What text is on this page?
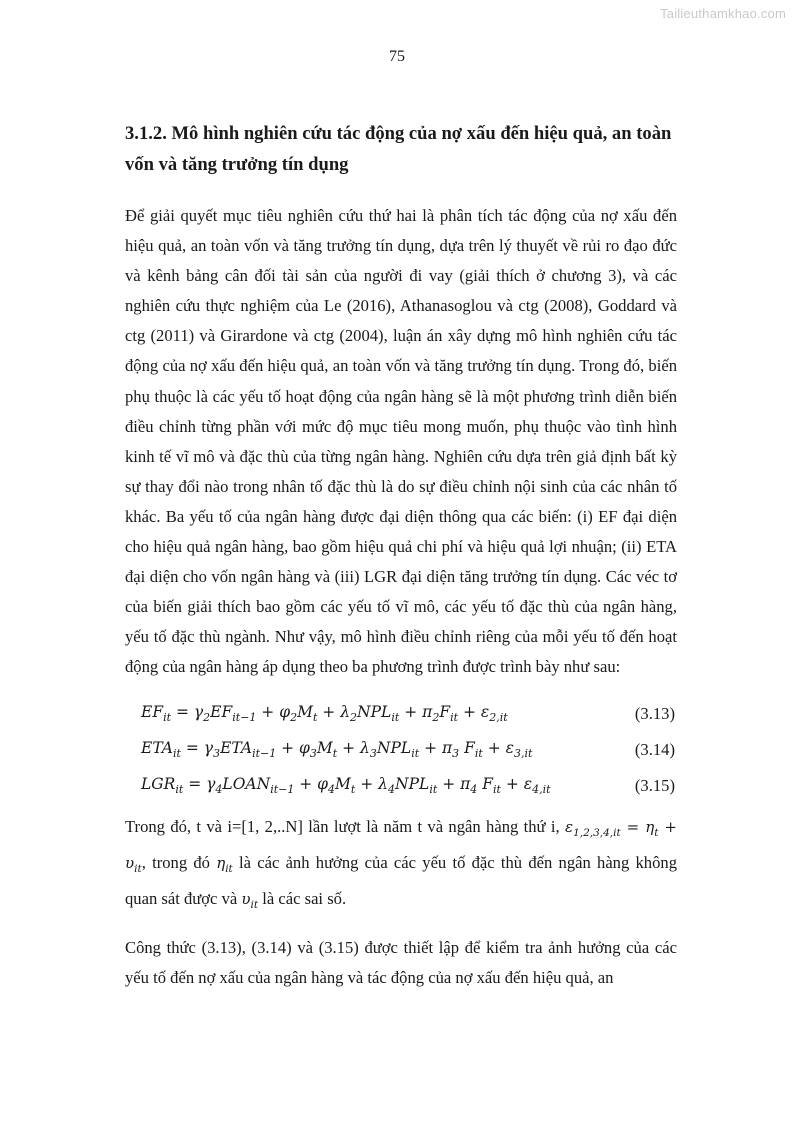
Tailieuthamkhao.com
75
3.1.2. Mô hình nghiên cứu tác động của nợ xấu đến hiệu quả, an toàn vốn và tăng trưởng tín dụng

Để giải quyết mục tiêu nghiên cứu thứ hai là phân tích tác động của nợ xấu đến hiệu quả, an toàn vốn và tăng trưởng tín dụng, dựa trên lý thuyết về rủi ro đạo đức và kênh bảng cân đối tài sản của người đi vay (giải thích ở chương 3), và các nghiên cứu thực nghiệm của Le (2016), Athanasoglou và ctg (2008), Goddard và ctg (2011) và Girardone và ctg (2004), luận án xây dựng mô hình nghiên cứu tác động của nợ xấu đến hiệu quả, an toàn vốn và tăng trưởng tín dụng. Trong đó, biến phụ thuộc là các yếu tố hoạt động của ngân hàng sẽ là một phương trình diễn biến điều chỉnh từng phần với mức độ mục tiêu mong muốn, phụ thuộc vào tình hình kinh tế vĩ mô và đặc thù của từng ngân hàng. Nghiên cứu dựa trên giả định bất kỳ sự thay đổi nào trong nhân tố đặc thù là do sự điều chỉnh nội sinh của các nhân tố khác. Ba yếu tố của ngân hàng được đại diện thông qua các biến: (i) EF đại diện cho hiệu quả ngân hàng, bao gồm hiệu quả chi phí và hiệu quả lợi nhuận; (ii) ETA đại diện cho vốn ngân hàng và (iii) LGR đại diện tăng trưởng tín dụng. Các véc tơ của biến giải thích bao gồm các yếu tố vĩ mô, các yếu tố đặc thù của ngân hàng, yếu tố đặc thù ngành. Như vậy, mô hình điều chỉnh riêng của mỗi yếu tố đến hoạt động của ngân hàng áp dụng theo ba phương trình được trình bày như sau:

$EF_{it} = \gamma_2EF_{it-1} + \varphi_2M_t + \lambda_2NPL_{it} + \pi_2F_{it} + \varepsilon_{2,it}$	(3.13)
$ETA_{it} = \gamma_3ETA_{it-1} + \varphi_3M_t + \lambda_3NPL_{it} + \pi_3$ $F_{it} + \varepsilon_{3,it}$	(3.14)
$LGR_{it}$ = $\gamma_4LOAN_{it-1} + \varphi_4M_t + \lambda_4NPL_{it} + \pi_4$ $F_{it} + \varepsilon_{4,it}$	(3.15)

Trong đó, t và i=[1, 2,..N] lần lượt là năm t và ngân hàng thứ i, $\varepsilon_{1,2,3,4,it} = \eta_t + \upsilon_{it}$, trong đó $\eta_{it}$ là các ảnh hưởng của các yếu tố đặc thù đến ngân hàng không quan sát được và $\upsilon_{it}$ là các sai số.

Công thức (3.13), (3.14) và (3.15) được thiết lập để kiểm tra ảnh hưởng của các yếu tố đến nợ xấu của ngân hàng và tác động của nợ xấu đến hiệu quả, an
